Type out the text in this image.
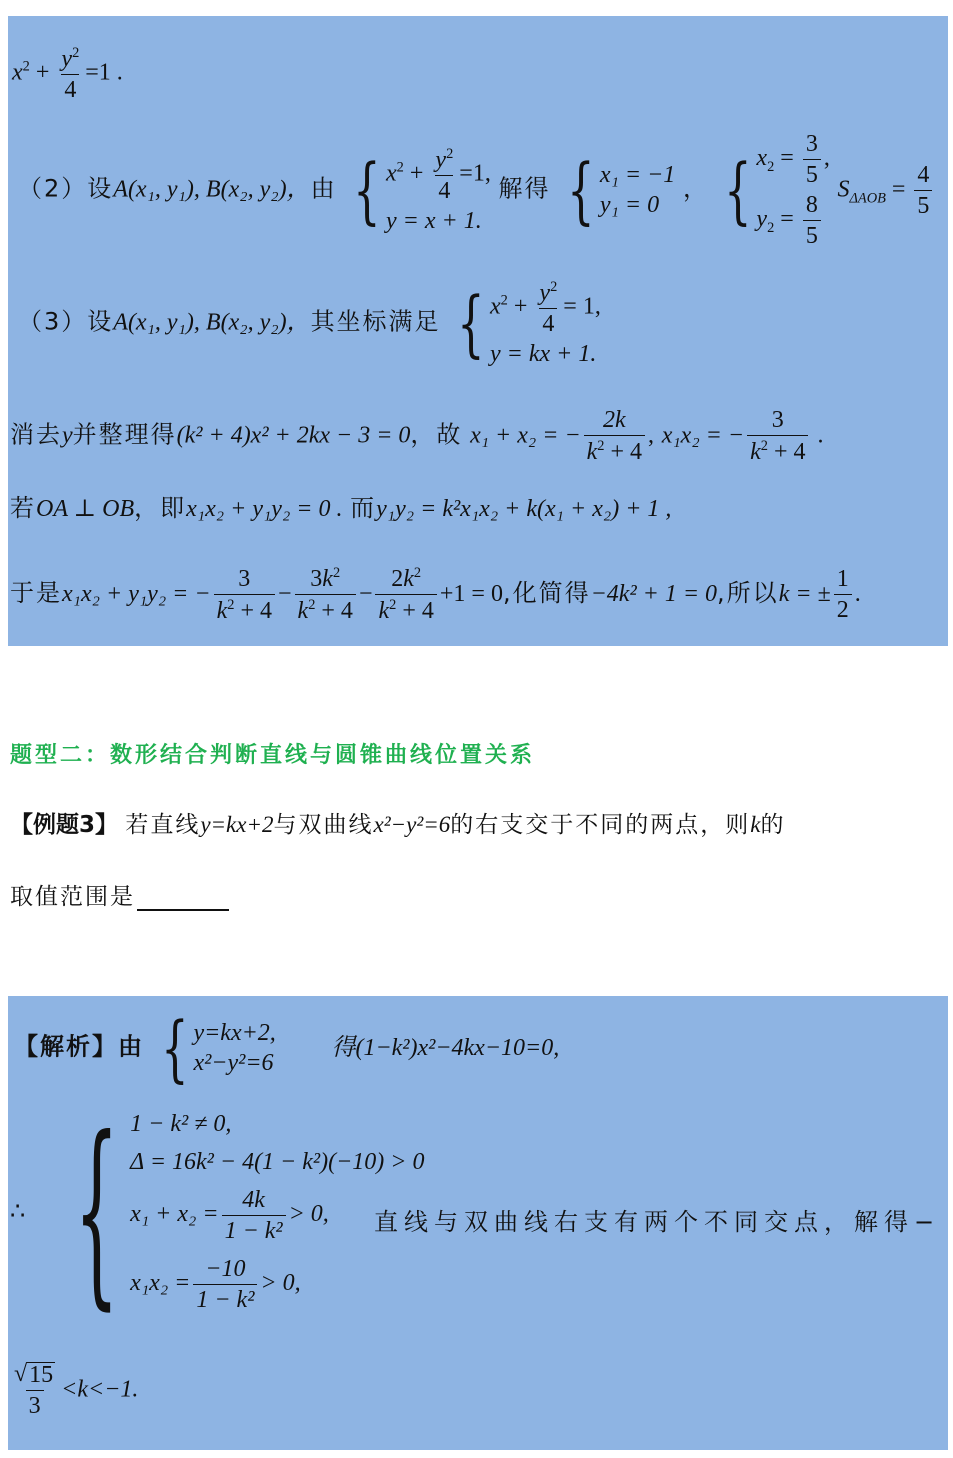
$x^2 + \frac{y^2}{4} =1$ .
（2）设A(x₁, y₁), B(x₂, y₂)，由 { $x^2 + \frac{y^2}{4} =1$,
y = x + 1.
解得 { x₁ = −1
y₁ = 0
， { $x_2 = \frac{3}{5}$ ,
$y_2 = \frac{8}{5}$
$S_{\Delta AOB} = \frac{4}{5}$
（3）设A(x₁, y₁), B(x₂, y₂)，其坐标满足 { $x^2 + \frac{y^2}{4} = 1$,
y = kx + 1.
消去y并整理得(k² + 4)x² + 2kx − 3 = 0，故 x₁ + x₂ = − $\frac{2k}{k^2 + 4}$ , x₁x₂ = − $\frac{3}{k^2 + 4}$ .
若OA ⊥ OB，即x₁x₂ + y₁y₂ = 0 . 而y₁y₂ = k²x₁x₂ + k(x₁ + x₂) + 1 ,
于是x₁x₂ + y₁y₂ = − $\frac{3}{k^2 + 4} - \frac{3k^2}{k^2 + 4} - \frac{2k^2}{k^2 + 4} +1 = 0$,化简得−4k² + 1 = 0,所以k = ± $\frac{1}{2}$ .
题型二：数形结合判断直线与圆锥曲线位置关系
【例题3】 若直线y=kx+2与双曲线x²−y²=6的右支交于不同的两点，则k的
取值范围是
【解析】由 { y=kx+2,
x²−y²=6
得(1−k²)x²−4kx−10=0,
∴ { 1 − k² ≠ 0,
Δ = 16k² − 4(1 − k²)(−10) > 0
$x_1 + x_2 = \frac{4k}{\text{1 − k²}} > 0$,
$x_1x_2 = \frac{-10}{\text{1 − k²}} > 0$,
直线与双曲线右支有两个不同交点，解得−
$\frac{√ 15}{3} <k<-1$.
